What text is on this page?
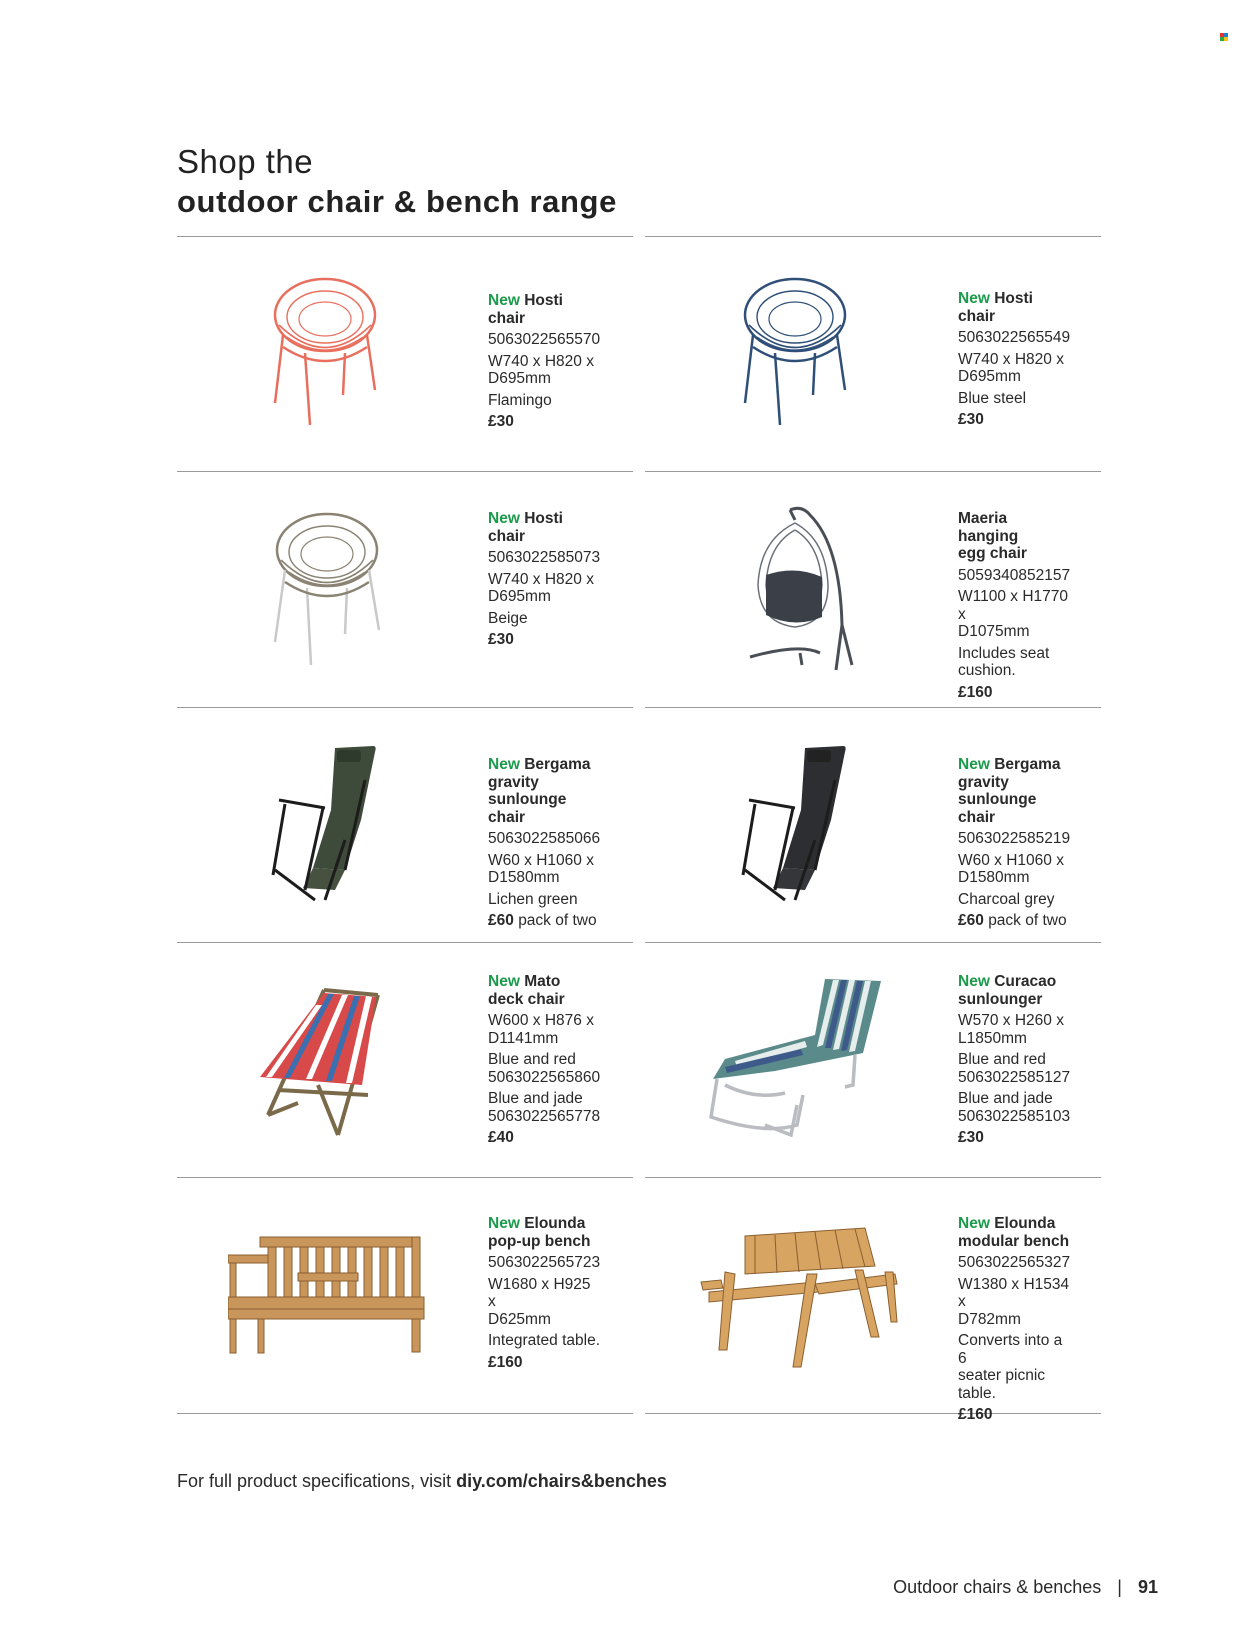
Shop the
outdoor chair & bench range
New Hosti chair
5063022565570
W740 x H820 x
D695mm
Flamingo
£30
New Hosti chair
5063022565549
W740 x H820 x
D695mm
Blue steel
£30
New Hosti chair
5063022585073
W740 x H820 x
D695mm
Beige
£30
Maeria hanging
egg chair
5059340852157
W1100 x H1770 x
D1075mm
Includes seat
cushion.
£160
New Bergama gravity
sunlounge chair
5063022585066
W60 x H1060 x
D1580mm
Lichen green
£60 pack of two
New Bergama gravity
sunlounge chair
5063022585219
W60 x H1060 x
D1580mm
Charcoal grey
£60 pack of two
New Mato
deck chair
W600 x H876 x
D1141mm
Blue and red
5063022565860
Blue and jade
5063022565778
£40
New Curacao
sunlounger
W570 x H260 x
L1850mm
Blue and red
5063022585127
Blue and jade
5063022585103
£30
New Elounda
pop-up bench
5063022565723
W1680 x H925 x
D625mm
Integrated table.
£160
New Elounda
modular bench
5063022565327
W1380 x H1534 x
D782mm
Converts into a 6
seater picnic table.
£160
For full product specifications, visit diy.com/chairs&benches
Outdoor chairs & benches | 91
